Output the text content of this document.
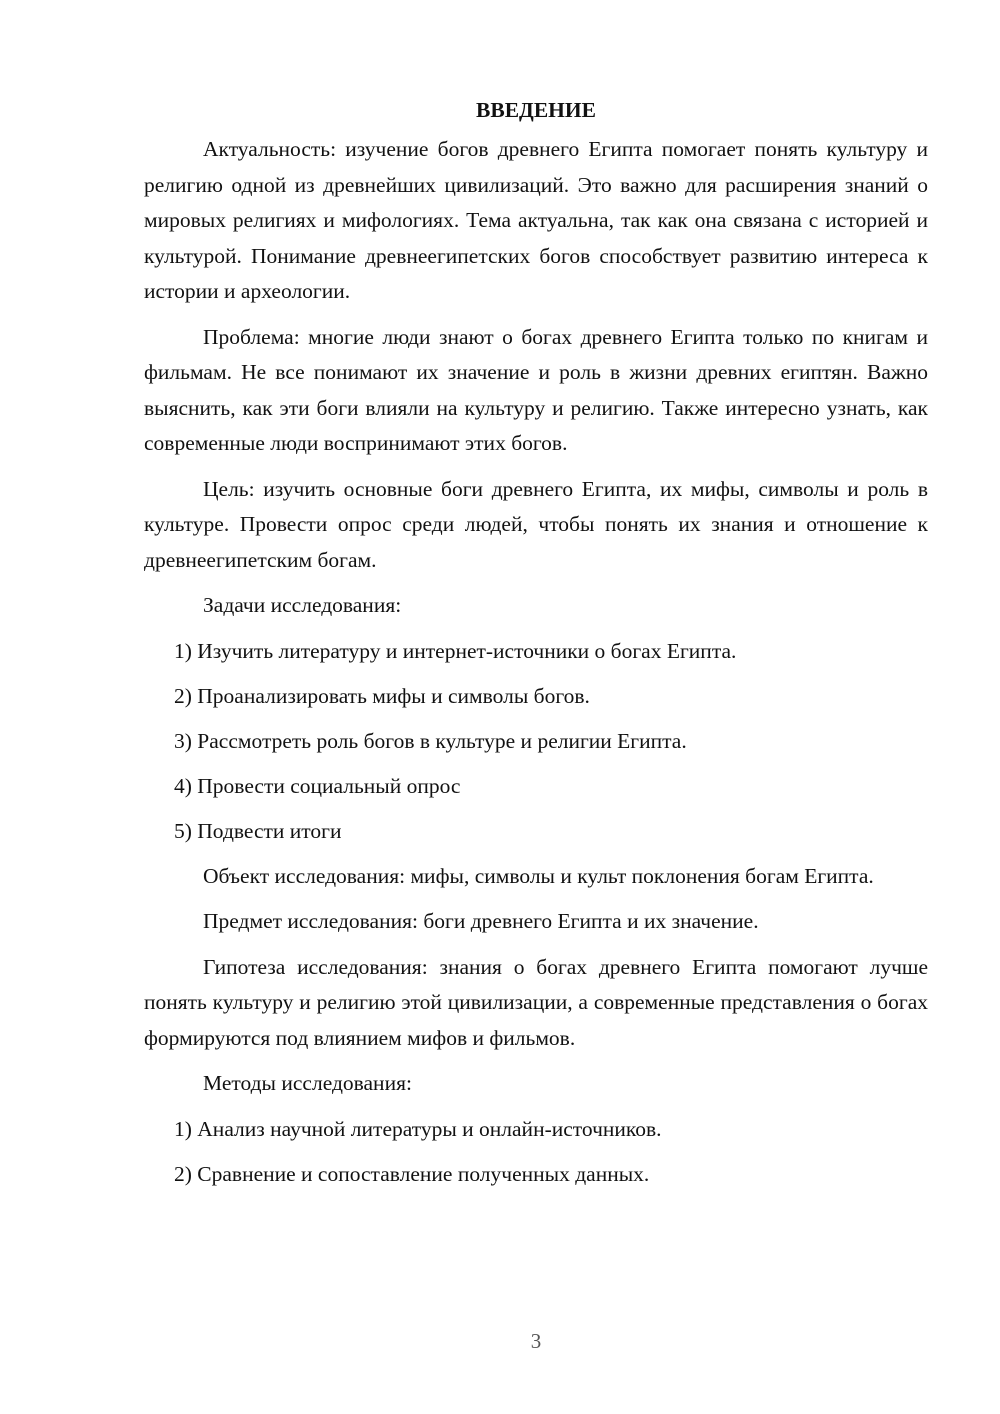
ВВЕДЕНИЕ

Актуальность: изучение богов древнего Египта помогает понять культуру и религию одной из древнейших цивилизаций. Это важно для расширения знаний о мировых религиях и мифологиях. Тема актуальна, так как она связана с историей и культурой. Понимание древнеегипетских богов способствует развитию интереса к истории и археологии.

Проблема: многие люди знают о богах древнего Египта только по книгам и фильмам. Не все понимают их значение и роль в жизни древних египтян. Важно выяснить, как эти боги влияли на культуру и религию. Также интересно узнать, как современные люди воспринимают этих богов.

Цель: изучить основные боги древнего Египта, их мифы, символы и роль в культуре. Провести опрос среди людей, чтобы понять их знания и отношение к древнеегипетским богам.

Задачи исследования:

1) Изучить литературу и интернет-источники о богах Египта.
2) Проанализировать мифы и символы богов.
3) Рассмотреть роль богов в культуре и религии Египта.
4) Провести социальный опрос
5) Подвести итоги

Объект исследования: мифы, символы и культ поклонения богам Египта.

Предмет исследования: боги древнего Египта и их значение.

Гипотеза исследования: знания о богах древнего Египта помогают лучше понять культуру и религию этой цивилизации, а современные представления о богах формируются под влиянием мифов и фильмов.

Методы исследования:

1) Анализ научной литературы и онлайн-источников.
2) Сравнение и сопоставление полученных данных.
3
